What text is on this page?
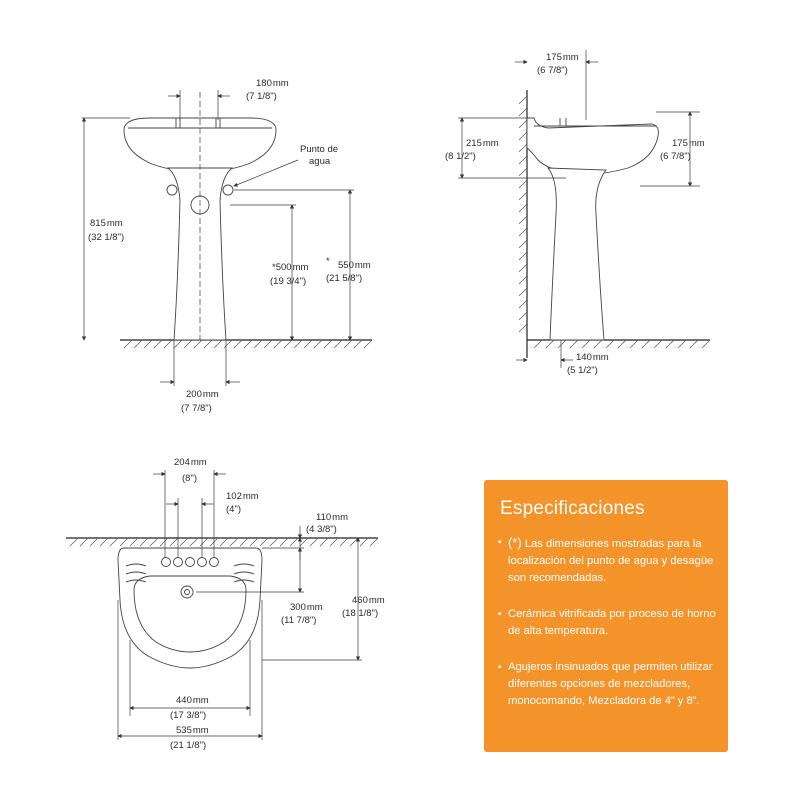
180mm
(7 1/8")
Punto de
agua
815mm
(32 1/8")
*500mm
(19 3/4")
* 550mm
(21 5/8")
200mm
(7 7/8")
175mm
(6 7/8")
215mm
(8 1/2")
175mm
(6 7/8")
140mm
(5 1/2")
204mm
(8")
102mm
(4")
110mm
(4 3/8")
300mm
(11 7/8")
460mm
(18 1/8")
440mm
(17 3/8")
535mm
(21 1/8")
Especificaciones
▪ (*) Las dimensiones mostradas para la localización del punto de agua y desagüe son recomendadas.
▪ Cerámica vitrificada por proceso de horno de alta temperatura.
▪ Agujeros insinuados que permiten utilizar diferentes opciones de mezcladores, monocomando, Mezcladora de 4” y 8”.
